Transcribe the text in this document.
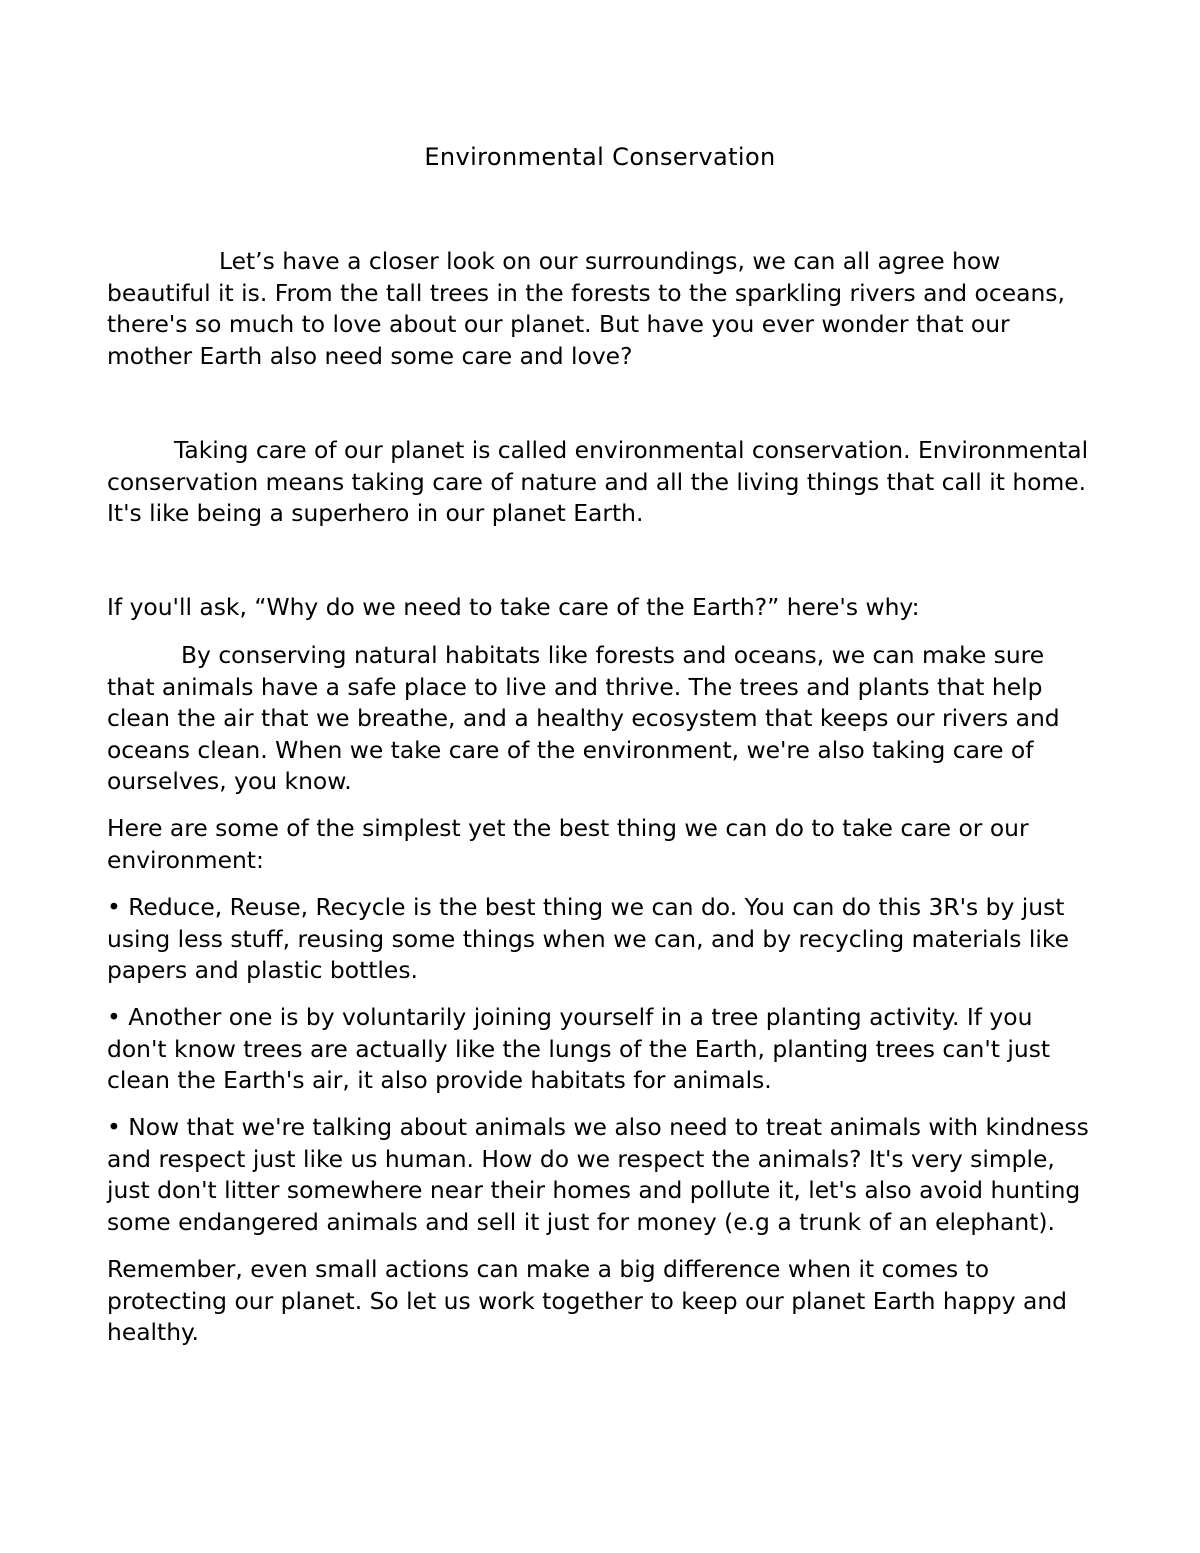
Environmental Conservation

Let’s have a closer look on our surroundings, we can all agree how beautiful it is. From the tall trees in the forests to the sparkling rivers and oceans, there's so much to love about our planet. But have you ever wonder that our mother Earth also need some care and love?

Taking care of our planet is called environmental conservation. Environmental conservation means taking care of nature and all the living things that call it home. It's like being a superhero in our planet Earth.

If you'll ask, “Why do we need to take care of the Earth?” here's why:

By conserving natural habitats like forests and oceans, we can make sure that animals have a safe place to live and thrive. The trees and plants that help clean the air that we breathe, and a healthy ecosystem that keeps our rivers and oceans clean. When we take care of the environment, we're also taking care of ourselves, you know.

Here are some of the simplest yet the best thing we can do to take care or our environment:

• Reduce, Reuse, Recycle is the best thing we can do. You can do this 3R's by just using less stuff, reusing some things when we can, and by recycling materials like papers and plastic bottles.

• Another one is by voluntarily joining yourself in a tree planting activity. If you don't know trees are actually like the lungs of the Earth, planting trees can't just clean the Earth's air, it also provide habitats for animals.

• Now that we're talking about animals we also need to treat animals with kindness and respect just like us human. How do we respect the animals? It's very simple, just don't litter somewhere near their homes and pollute it, let's also avoid hunting some endangered animals and sell it just for money (e.g a trunk of an elephant).

Remember, even small actions can make a big difference when it comes to protecting our planet. So let us work together to keep our planet Earth happy and healthy.
